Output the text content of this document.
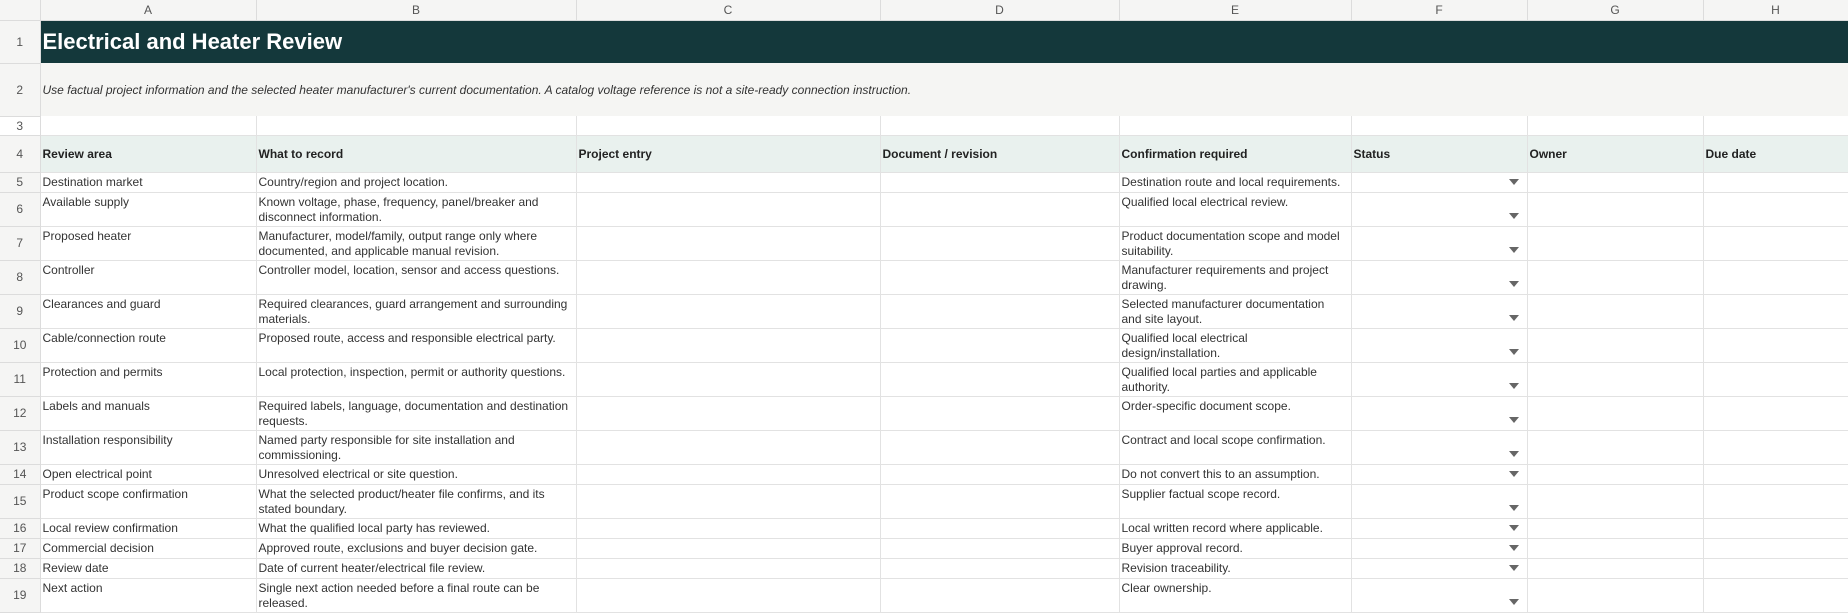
	A	B	C	D	E	F	G	H
1	Electrical and Heater Review							
2	Use factual project information and the selected heater manufacturer's current documentation. A catalog voltage reference is not a site-ready connection instruction.							
3								
4	Review area	What to record	Project entry	Document / revision	Confirmation required	Status	Owner	Due date
5	Destination market	Country/region and project location.			Destination route and local requirements.	

6	Available supply	Known voltage, phase, frequency, panel/breaker and disconnect information.			Qualified local electrical review.	

7	Proposed heater	Manufacturer, model/family, output range only where documented, and applicable manual revision.			Product documentation scope and model suitability.	

8	Controller	Controller model, location, sensor and access questions.			Manufacturer requirements and project drawing.	

9	Clearances and guard	Required clearances, guard arrangement and surrounding materials.			Selected manufacturer documentation and site layout.	

10	Cable/connection route	Proposed route, access and responsible electrical party.			Qualified local electrical design/installation.	

11	Protection and permits	Local protection, inspection, permit or authority questions.			Qualified local parties and applicable authority.	

12	Labels and manuals	Required labels, language, documentation and destination requests.			Order-specific document scope.	

13	Installation responsibility	Named party responsible for site installation and commissioning.			Contract and local scope confirmation.	

14	Open electrical point	Unresolved electrical or site question.			Do not convert this to an assumption.	

15	Product scope confirmation	What the selected product/heater file confirms, and its stated boundary.			Supplier factual scope record.	

16	Local review confirmation	What the qualified local party has reviewed.			Local written record where applicable.	

17	Commercial decision	Approved route, exclusions and buyer decision gate.			Buyer approval record.	

18	Review date	Date of current heater/electrical file review.			Revision traceability.	

19	Next action	Single next action needed before a final route can be released.			Clear ownership.	
